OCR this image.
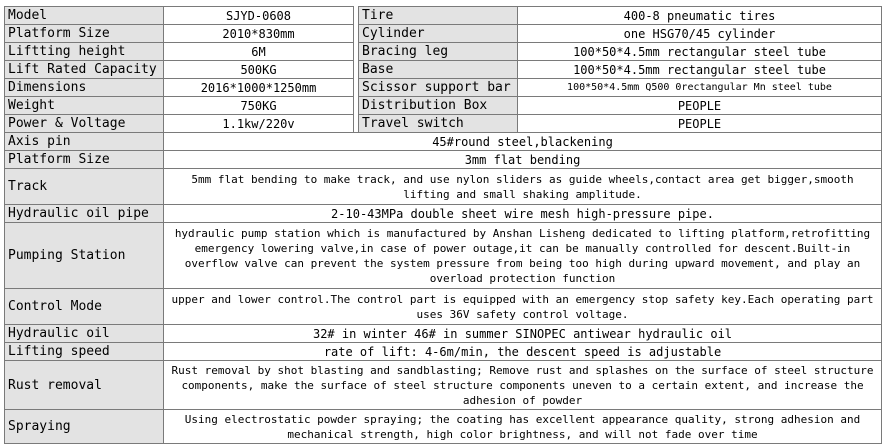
Model	SJYD-0608		Tire	400-8 pneumatic tires
Platform Size	2010*830mm		Cylinder	one HSG70/45 cylinder
Liftting height	6M		Bracing leg	100*50*4.5mm rectangular steel tube
Lift Rated Capacity	500KG		Base	100*50*4.5mm rectangular steel tube
Dimensions	2016*1000*1250mm		Scissor support bar	100*50*4.5mm Q500 0rectangular Mn steel tube
Weight	750KG		Distribution Box	PEOPLE
Power & Voltage	1.1kw/220v		Travel switch	PEOPLE
Axis pin	45#round steel,blackening			
Platform Size	3mm flat bending			
Track	5mm flat bending to make track, and use nylon sliders as guide wheels,contact area get bigger,smooth lifting and small shaking amplitude.			
Hydraulic oil pipe	2-10-43MPa double sheet wire mesh high-pressure pipe.			
Pumping Station	hydraulic pump station which is manufactured by Anshan Lisheng dedicated to lifting platform,retrofitting emergency lowering valve,in case of power outage,it can be manually controlled for descent.Built-in overflow valve can prevent the system pressure from being too high during upward movement, and play an overload protection function			
Control Mode	upper and lower control.The control part is equipped with an emergency stop safety key.Each operating part uses 36V safety control voltage.			
Hydraulic oil	32# in winter 46# in summer SINOPEC antiwear hydraulic oil			
Lifting speed	rate of lift: 4-6m/min, the descent speed is adjustable			
Rust removal	Rust removal by shot blasting and sandblasting; Remove rust and splashes on the surface of steel structure components, make the surface of steel structure components uneven to a certain extent, and increase the adhesion of powder			
Spraying	Using electrostatic powder spraying; the coating has excellent appearance quality, strong adhesion and mechanical strength, high color brightness, and will not fade over time			
